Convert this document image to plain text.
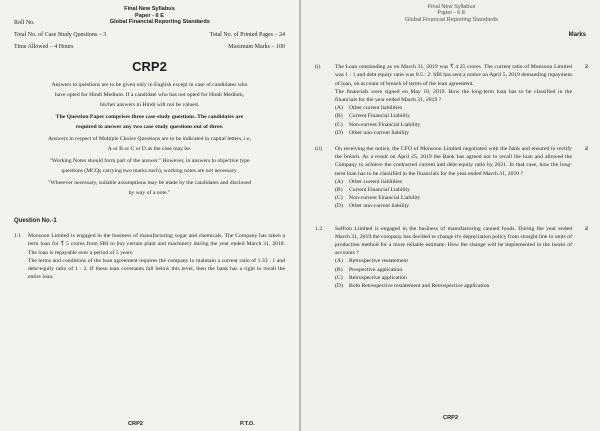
Final New Syllabus
Paper - 6 E
Roll No.	Global Financial Reporting Standards
Total No. of Case Study Questions – 3	Total No. of Printed Pages – 24
Time Allowed – 4 Hours	Maximum Marks – 100
CRP2
Answers to questions are to be given only in English except in case of candidates who
have opted for Hindi Medium. If a candidate who has not opted for Hindi Medium,
his/her answers in Hindi will not be valued.
The Question Paper comprises three case study questions. The candidates are
required to answer any two case study questions out of three.
Answers in respect of Multiple Choice Questions are to be indicated in capital letters, i.e,
A or B or C or D as the case may be.
"Working Notes should form part of the answer." However, in answers to objective type
questions (MCQs carrying two marks each), working notes are not necessary.
"Wherever necessary, suitable assumptions may be made by the candidates and disclosed
by way of a note."
Question No.-1
1.1	Monsoon Limited is engaged in the business of manufacturing sugar and chemicals. The Company has taken a term loan for ₹ 5 crores from SBI to buy certain plant and machinery during the year ended March 31, 2018. The loan is repayable over a period of 5 years.

The terms and conditions of the loan agreement requires the company to maintain a current ratio of 1.33 : 1 and debt-equity ratio of 1 : 2. If these loan covenants fall below this level, then the bank has a right to recall the entire loan.

CRP2	P.T.O.
Final New Syllabus
Paper - 6 E
Global Financial Reporting Standards
Marks
(i)	The Loan outstanding as on March 31, 2019 was ₹ 4.25 crores. The current ratio of Monsoon Limited was 1 : 1 and debt equity ratio was 0.5 : 2. SBI has sent a notice on April 5, 2019 demanding repayment of loan, on account of breach of terms of the loan agreement.

The financials were signed on May 10, 2019. How the long-term loan has to be classified in the financials for the year ended March 31, 2019 ?

(A)	Other current liabilities
(B)	Current Financial Liability
(C)	Non-current Financial Liability
(D)	Other non-current liability
2
(ii)	On receiving the notice, the CFO of Monsoon Limited negotiated with the bank and ensured to rectify the breach. As a result on April 25, 2019 the Bank has agreed not to recall the loan and allowed the Company to achieve the contracted current and debt-equity ratio by 2021. In that case, how the long-term loan has to be classified in the financials for the year ended March 31, 2019 ?

(A)	Other current liabilities
(B)	Current Financial Liability
(C)	Non-current Financial Liability
(D)	Other non-current liability
2
1.2	Saffron Limited is engaged in the business of manufacturing canned foods. During the year ended March 31, 2019 the company has decided to change it's depreciation policy from straight line to units of production method for a more reliable estimate. How the change will be implemented in the books of accounts ?

(A)	Retrospective restatement
(B)	Prospective application
(C)	Retrospective application
(D)	Both Retrospective restatement and Retrospective application
2
CRP2
